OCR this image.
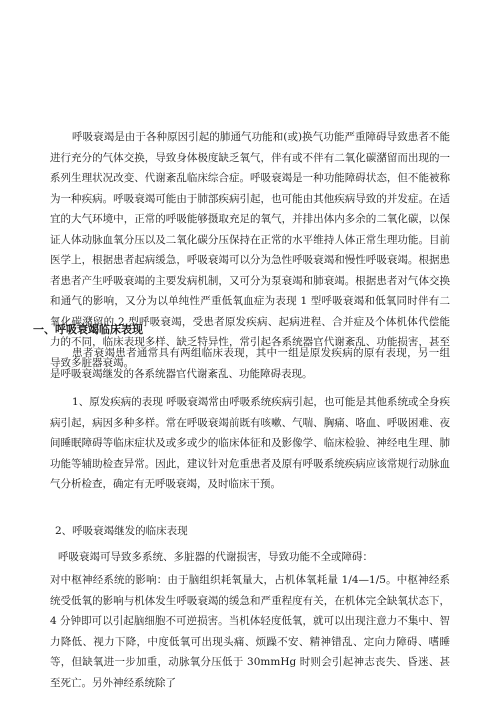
呼吸衰竭是由于各种原因引起的肺通气功能和(或)换气功能严重障碍导致患者不能进行充分的气体交换，导致身体极度缺乏氧气，伴有或不伴有二氧化碳潴留而出现的一系列生理状况改变、代谢紊乱临床综合症。呼吸衰竭是一种功能障碍状态，但不能被称为一种疾病。呼吸衰竭可能由于肺部疾病引起，也可能由其他疾病导致的并发症。在适宜的大气环境中，正常的呼吸能够摄取充足的氧气，并排出体内多余的二氧化碳，以保证人体动脉血氧分压以及二氧化碳分压保持在正常的水平维持人体正常生理功能。目前医学上，根据患者起病缓急，呼吸衰竭可以分为急性呼吸衰竭和慢性呼吸衰竭。根据患者患者产生呼吸衰竭的主要发病机制，又可分为泵衰竭和肺衰竭。根据患者对气体交换和通气的影响，又分为以单纯性严重低氧血症为表现 1 型呼吸衰竭和低氧同时伴有二氧化碳潴留的 2 型呼吸衰竭，受患者原发疾病、起病进程、合并症及个体机体代偿能力的不同，临床表现多样、缺乏特异性，常引起各系统器官代谢紊乱、功能损害，甚至导致多脏器衰竭。

一、呼吸衰竭临床表现

患者衰竭患者通常具有两组临床表现，其中一组是原发疾病的原有表现，另一组是呼吸衰竭继发的各系统器官代谢紊乱、功能障碍表现。

1、原发疾病的表现 呼吸衰竭常由呼吸系统疾病引起，也可能是其他系统或全身疾病引起，病因多种多样。常在呼吸衰竭前既有咳嗽、气喘、胸痛、咯血、呼吸困难、夜间睡眠障碍等临床症状及或多或少的临床体征和及影像学、临床检验、神经电生理、肺功能等辅助检查异常。因此，建议针对危重患者及原有呼吸系统疾病应该常规行动脉血气分析检查，确定有无呼吸衰竭，及时临床干预。

2、呼吸衰竭继发的临床表现

呼吸衰竭可导致多系统、多脏器的代谢损害，导致功能不全或障碍：

对中枢神经系统的影响：由于脑组织耗氧量大，占机体氧耗量 1/4—1/5。中枢神经系统受低氧的影响与机体发生呼吸衰竭的缓急和严重程度有关，在机体完全缺氧状态下，4 分钟即可以引起脑细胞不可逆损害。当机体轻度低氧，就可以出现注意力不集中、智力降低、视力下降，中度低氧可出现头痛、烦躁不安、精神错乱、定向力障碍、嗜睡等，但缺氧进一步加重，动脉氧分压低于 30mmHg 时则会引起神志丧失、昏迷、甚至死亡。另外神经系统除了
